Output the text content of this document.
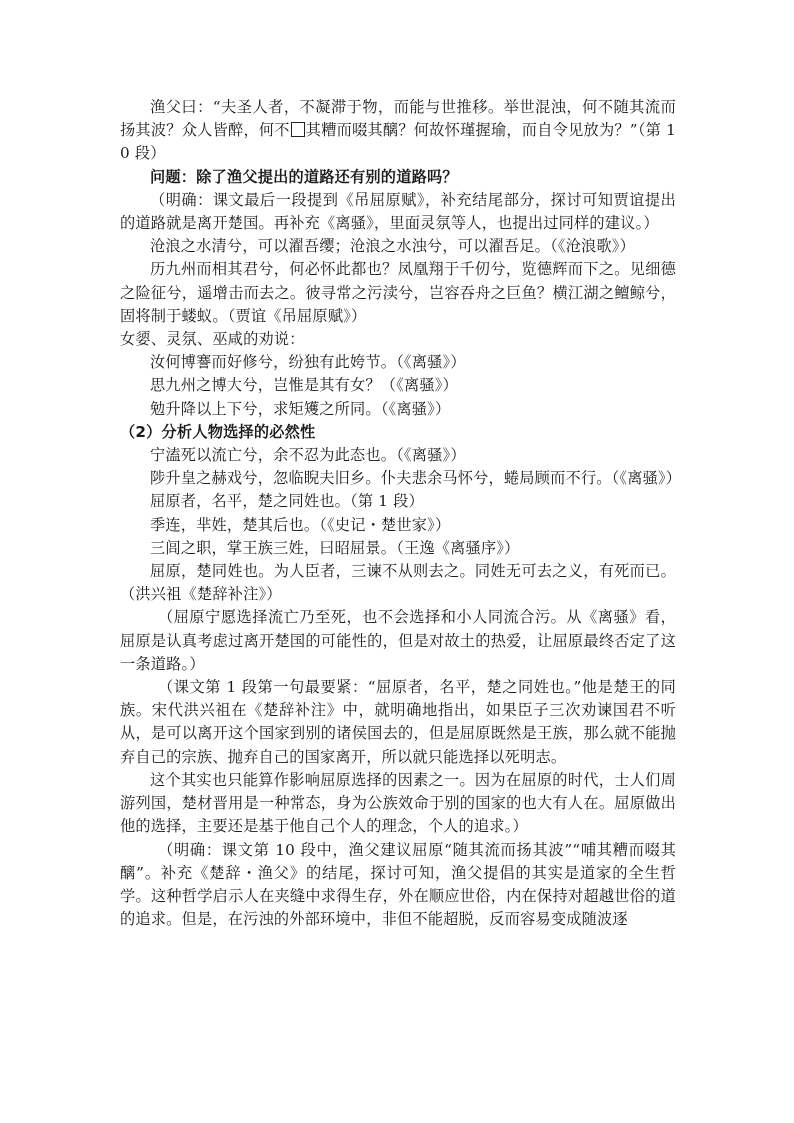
渔父曰：“夫圣人者，不凝滞于物，而能与世推移。举世混浊，何不随其流而扬其波？众人皆醉，何不 其糟而啜其醨？何故怀瑾握瑜，而自令见放为？”（第 10 段）

问题：除了渔父提出的道路还有别的道路吗？

（明确：课文最后一段提到《吊屈原赋》，补充结尾部分，探讨可知贾谊提出的道路就是离开楚国。再补充《离骚》，里面灵氛等人，也提出过同样的建议。）

沧浪之水清兮，可以濯吾缨；沧浪之水浊兮，可以濯吾足。（《沧浪歌》）

历九州而相其君兮，何必怀此都也？凤凰翔于千仞兮，览德辉而下之。见细德之险征兮，遥增击而去之。彼寻常之污渎兮，岂容吞舟之巨鱼？横江湖之鳣鲸兮，固将制于蝼蚁。（贾谊《吊屈原赋》）

女媭、灵氛、巫咸的劝说：

汝何博謇而好修兮，纷独有此姱节。（《离骚》）

思九州之博大兮，岂惟是其有女？（《离骚》）

勉升降以上下兮，求矩矱之所同。（《离骚》）

（2）分析人物选择的必然性

宁溘死以流亡兮，余不忍为此态也。（《离骚》）

陟升皇之赫戏兮，忽临睨夫旧乡。仆夫悲余马怀兮，蜷局顾而不行。（《离骚》）

屈原者，名平，楚之同姓也。（第 1 段）

季连，芈姓，楚其后也。（《史记・楚世家》）

三闾之职，掌王族三姓，曰昭屈景。（王逸《离骚序》）

屈原，楚同姓也。为人臣者，三谏不从则去之。同姓无可去之义，有死而已。（洪兴祖《楚辞补注》）

（屈原宁愿选择流亡乃至死，也不会选择和小人同流合污。从《离骚》看，屈原是认真考虑过离开楚国的可能性的，但是对故土的热爱，让屈原最终否定了这一条道路。）

（课文第 1 段第一句最要紧：“屈原者，名平，楚之同姓也。”他是楚王的同族。宋代洪兴祖在《楚辞补注》中，就明确地指出，如果臣子三次劝谏国君不听从，是可以离开这个国家到别的诸侯国去的，但是屈原既然是王族，那么就不能抛弃自己的宗族、抛弃自己的国家离开，所以就只能选择以死明志。

这个其实也只能算作影响屈原选择的因素之一。因为在屈原的时代，士人们周游列国，楚材晋用是一种常态，身为公族效命于别的国家的也大有人在。屈原做出他的选择，主要还是基于他自己个人的理念，个人的追求。）

（明确：课文第 10 段中，渔父建议屈原“随其流而扬其波”“哺其糟而啜其醨”。补充《楚辞・渔父》的结尾，探讨可知，渔父提倡的其实是道家的全生哲学。这种哲学启示人在夹缝中求得生存，外在顺应世俗，内在保持对超越世俗的道的追求。但是，在污浊的外部环境中，非但不能超脱，反而容易变成随波逐
